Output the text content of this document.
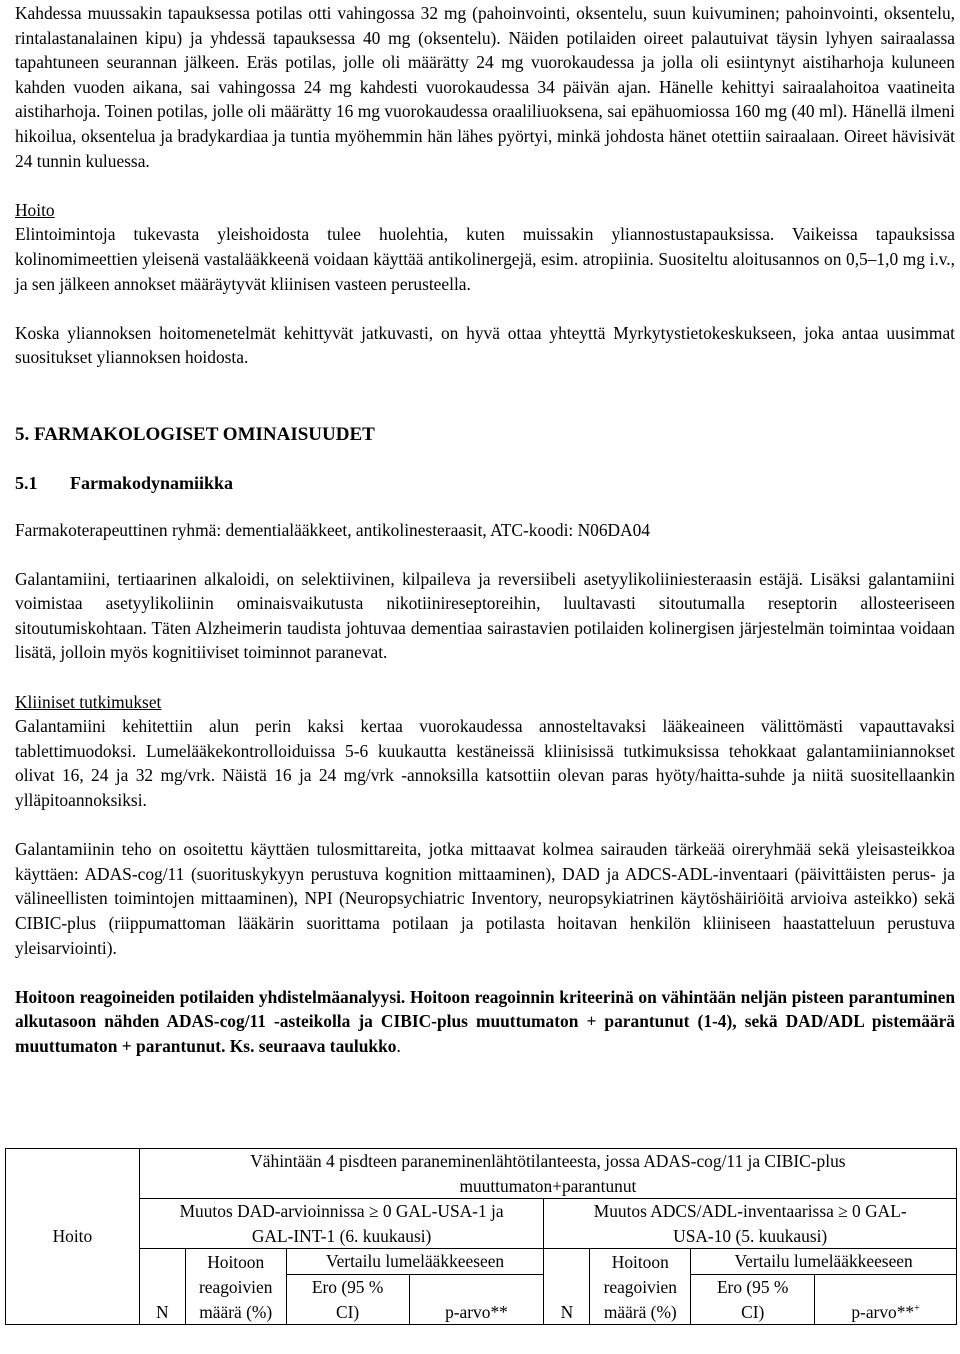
Kahdessa muussakin tapauksessa potilas otti vahingossa 32 mg (pahoinvointi, oksentelu, suun kuivuminen; pahoinvointi, oksentelu, rintalastanalainen kipu) ja yhdessä tapauksessa 40 mg (oksentelu). Näiden potilaiden oireet palautuivat täysin lyhyen sairaalassa tapahtuneen seurannan jälkeen. Eräs potilas, jolle oli määrätty 24 mg vuorokaudessa ja jolla oli esiintynyt aistiharhoja kuluneen kahden vuoden aikana, sai vahingossa 24 mg kahdesti vuorokaudessa 34 päivän ajan. Hänelle kehittyi sairaalahoitoa vaatineita aistiharhoja. Toinen potilas, jolle oli määrätty 16 mg vuorokaudessa oraaliliuoksena, sai epähuomiossa 160 mg (40 ml). Hänellä ilmeni hikoilua, oksentelua ja bradykardiaa ja tuntia myöhemmin hän lähes pyörtyi, minkä johdosta hänet otettiin sairaalaan. Oireet hävisivät 24 tunnin kuluessa.

Hoito

Elintoimintoja tukevasta yleishoidosta tulee huolehtia, kuten muissakin yliannostustapauksissa. Vaikeissa tapauksissa kolinomimeettien yleisenä vastalääkkeenä voidaan käyttää antikolinergejä, esim. atropiinia. Suositeltu aloitusannos on 0,5–1,0 mg i.v., ja sen jälkeen annokset määräytyvät kliinisen vasteen perusteella.

Koska yliannoksen hoitomenetelmät kehittyvät jatkuvasti, on hyvä ottaa yhteyttä Myrkytystietokeskukseen, joka antaa uusimmat suositukset yliannoksen hoidosta.

5. FARMAKOLOGISET OMINAISUUDET
5.1 Farmakodynamiikka

Farmakoterapeuttinen ryhmä: dementialääkkeet, antikolinesteraasit, ATC-koodi: N06DA04

Galantamiini, tertiaarinen alkaloidi, on selektiivinen, kilpaileva ja reversiibeli asetyylikoliiniesteraasin estäjä. Lisäksi galantamiini voimistaa asetyylikoliinin ominaisvaikutusta nikotiinireseptoreihin, luultavasti sitoutumalla reseptorin allosteeriseen sitoutumiskohtaan. Täten Alzheimerin taudista johtuvaa dementiaa sairastavien potilaiden kolinergisen järjestelmän toimintaa voidaan lisätä, jolloin myös kognitiiviset toiminnot paranevat.

Kliiniset tutkimukset

Galantamiini kehitettiin alun perin kaksi kertaa vuorokaudessa annosteltavaksi lääkeaineen välittömästi vapauttavaksi tablettimuodoksi. Lumelääkekontrolloiduissa 5-6 kuukautta kestäneissä kliinisissä tutkimuksissa tehokkaat galantamiiniannokset olivat 16, 24 ja 32 mg/vrk. Näistä 16 ja 24 mg/vrk -annoksilla katsottiin olevan paras hyöty/haitta-suhde ja niitä suositellaankin ylläpitoannoksiksi.

Galantamiinin teho on osoitettu käyttäen tulosmittareita, jotka mittaavat kolmea sairauden tärkeää oireryhmää sekä yleisasteikkoa käyttäen: ADAS-cog/11 (suorituskykyyn perustuva kognition mittaaminen), DAD ja ADCS-ADL-inventaari (päivittäisten perus- ja välineellisten toimintojen mittaaminen), NPI (Neuropsychiatric Inventory, neuropsykiatrinen käytöshäiriöitä arvioiva asteikko) sekä CIBIC-plus (riippumattoman lääkärin suorittama potilaan ja potilasta hoitavan henkilön kliiniseen haastatteluun perustuva yleisarviointi).

Hoitoon reagoineiden potilaiden yhdistelmäanalyysi. Hoitoon reagoinnin kriteerinä on vähintään neljän pisteen parantuminen alkutasoon nähden ADAS-cog/11 -asteikolla ja CIBIC-plus muuttumaton + parantunut (1-4), sekä DAD/ADL pistemäärä muuttumaton + parantunut. Ks. seuraava taulukko.

Hoito	Vähintään 4 pisdteen paraneminenlähtötilanteesta, jossa ADAS-cog/11 ja CIBIC-plus muuttumaton+parantunut							
	Muutos DAD-arvioinnissa ≥ 0 GAL-USA-1 ja GAL-INT-1 (6. kuukausi)				Muutos ADCS/ADL-inventaarissa ≥ 0 GAL-USA-10 (5. kuukausi)			
	N	Hoitoon reagoivien määrä (%)	Vertailu lumelääkkeeseen		N	Hoitoon reagoivien määrä (%)	Vertailu lumelääkkeeseen	
			Ero (95 % CI)	p-arvo**			Ero (95 % CI)	p-arvo**+
